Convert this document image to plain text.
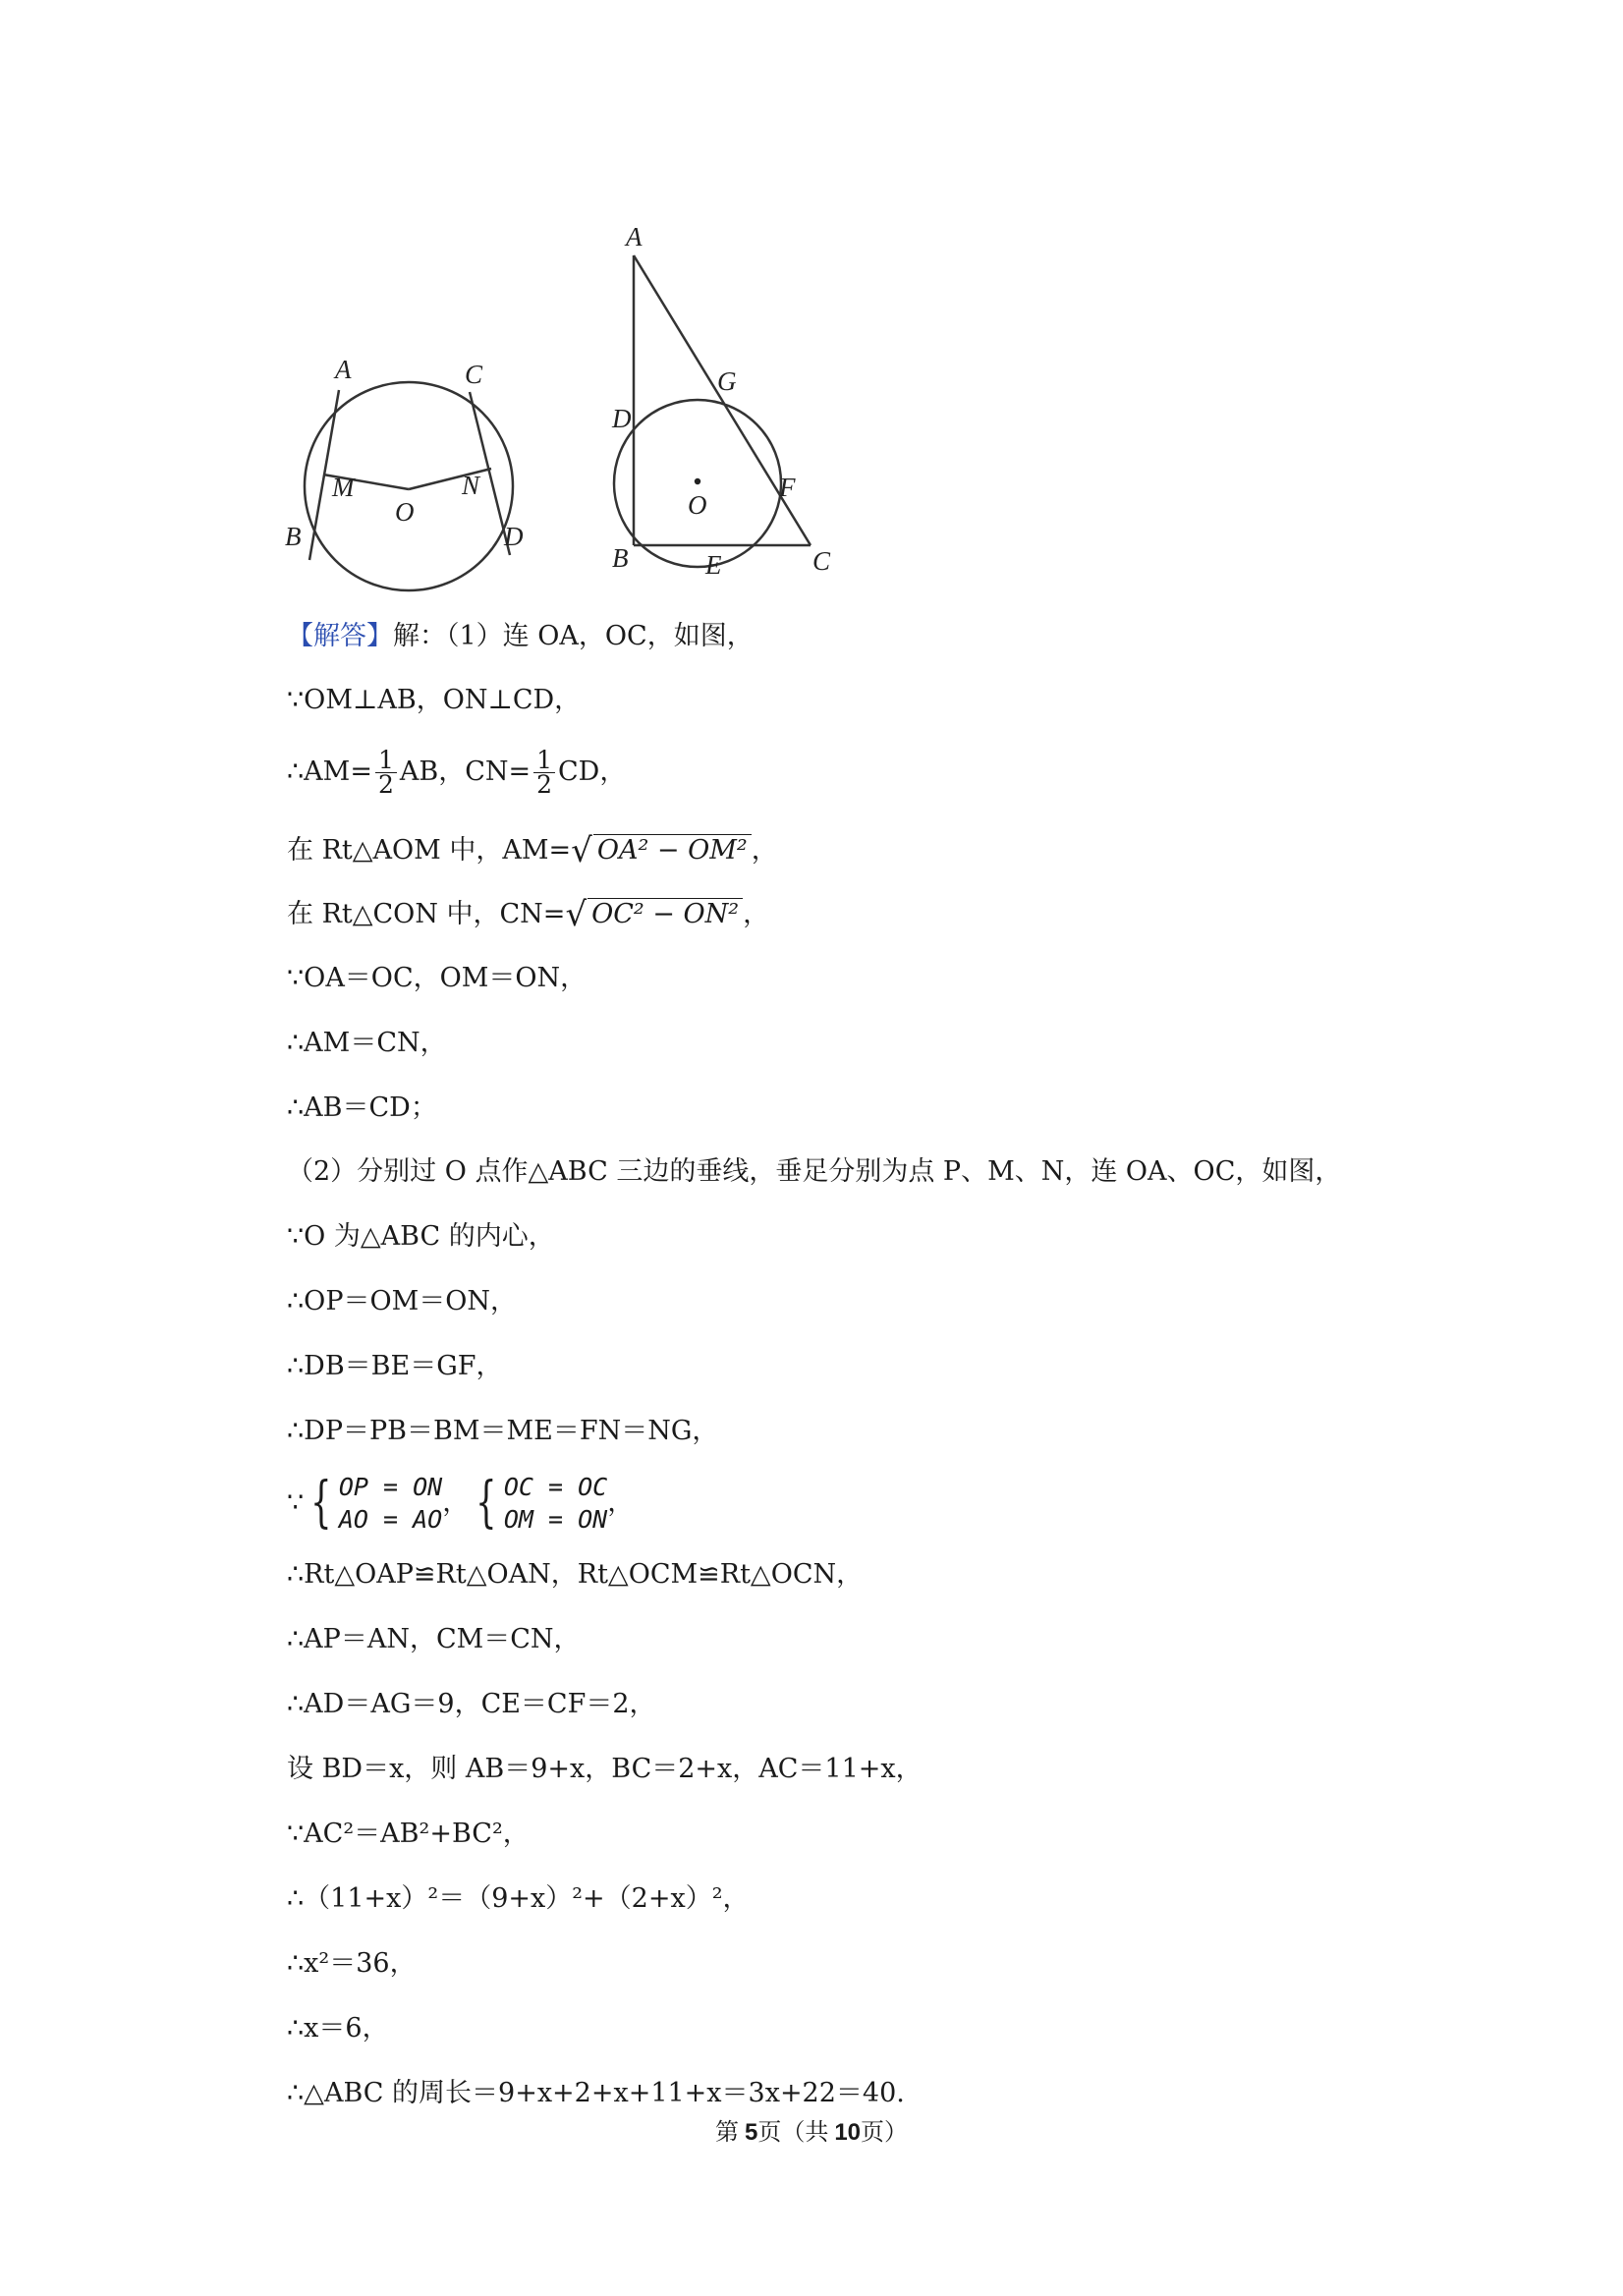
A	C
M	N
O
B	D
A
G
D
O
F
B	E	C
【解答】解：（1）连 OA，OC，如图，
∵OM⊥AB，ON⊥CD，
∴AM= $\frac{1}{2}$ AB，$CN= \frac{1}{2}$ CD，
在 Rt△AOM 中，AM=√ OA² − OM² ，
在 Rt△CON 中，CN=√ OC² − ON² ，
∵OA＝OC，OM＝ON，
∴AM＝CN，
∴AB＝CD；
（2）分别过 O 点作△ABC 三边的垂线，垂足分别为点 P、M、N，连 OA、OC，如图，
∵O 为△ABC 的内心，
∴OP＝OM＝ON，
∴DB＝BE＝GF，
∴DP＝PB＝BM＝ME＝FN＝NG，
∵ { OP = ON
AO = AO， { OC = OC
OM = ON，
∴Rt△OAP≌Rt△OAN，Rt△OCM≌Rt△OCN，
∴AP＝AN，CM＝CN，
∴AD＝AG＝9，CE＝CF＝2，
设 BD＝x，则 AB＝9+x，BC＝2+x，AC＝11+x，
∵AC²＝AB²+BC²，
∴（11+x）²＝（9+x）²+（2+x）²，
∴x²＝36，
∴x＝6，
∴△ABC 的周长＝9+x+2+x+11+x＝3x+22＝40.
第 5页（共 10页）
